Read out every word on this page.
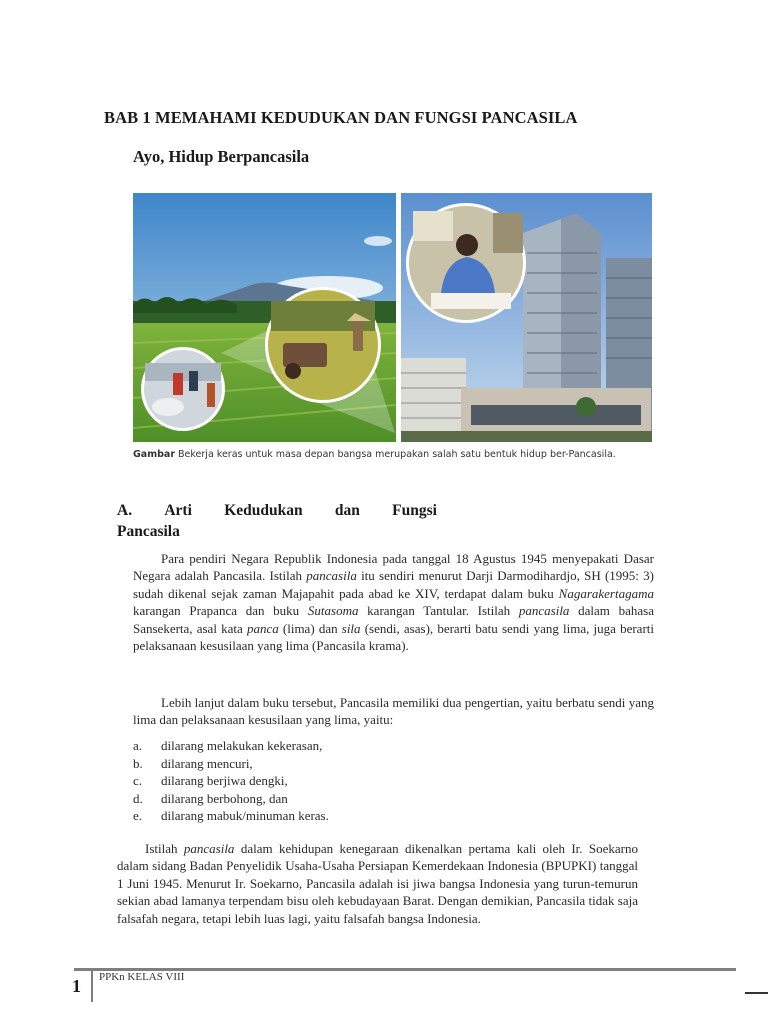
BAB 1 MEMAHAMI KEDUDUKAN DAN FUNGSI PANCASILA
Ayo, Hidup Berpancasila
Gambar Bekerja keras untuk masa depan bangsa merupakan salah satu bentuk hidup ber-Pancasila.
A. Arti Kedudukan dan Fungsi
Pancasila
Para pendiri Negara Republik Indonesia pada tanggal 18 Agustus 1945 menyepakati Dasar Negara adalah Pancasila. Istilah pancasila itu sendiri menurut Darji Darmodihardjo, SH (1995: 3) sudah dikenal sejak zaman Majapahit pada abad ke XIV, terdapat dalam buku Nagarakertagama karangan Prapanca dan buku Sutasoma karangan Tantular. Istilah pancasila dalam bahasa Sansekerta, asal kata panca (lima) dan sila (sendi, asas), berarti batu sendi yang lima, juga berarti pelaksanaan kesusilaan yang lima (Pancasila krama).
Lebih lanjut dalam buku tersebut, Pancasila memiliki dua pengertian, yaitu berbatu sendi yang lima dan pelaksanaan kesusilaan yang lima, yaitu:
a.	dilarang melakukan kekerasan,
b.	dilarang mencuri,
c.	dilarang berjiwa dengki,
d.	dilarang berbohong, dan
e.	dilarang mabuk/minuman keras.
Istilah pancasila dalam kehidupan kenegaraan dikenalkan pertama kali oleh Ir. Soekarno dalam sidang Badan Penyelidik Usaha-Usaha Persiapan Kemerdekaan Indonesia (BPUPKI) tanggal 1 Juni 1945. Menurut Ir. Soekarno, Pancasila adalah isi jiwa bangsa Indonesia yang turun-temurun sekian abad lamanya terpendam bisu oleh kebudayaan Barat. Dengan demikian, Pancasila tidak saja falsafah negara, tetapi lebih luas lagi, yaitu falsafah bangsa Indonesia.
1 PPKn KELAS VIII
